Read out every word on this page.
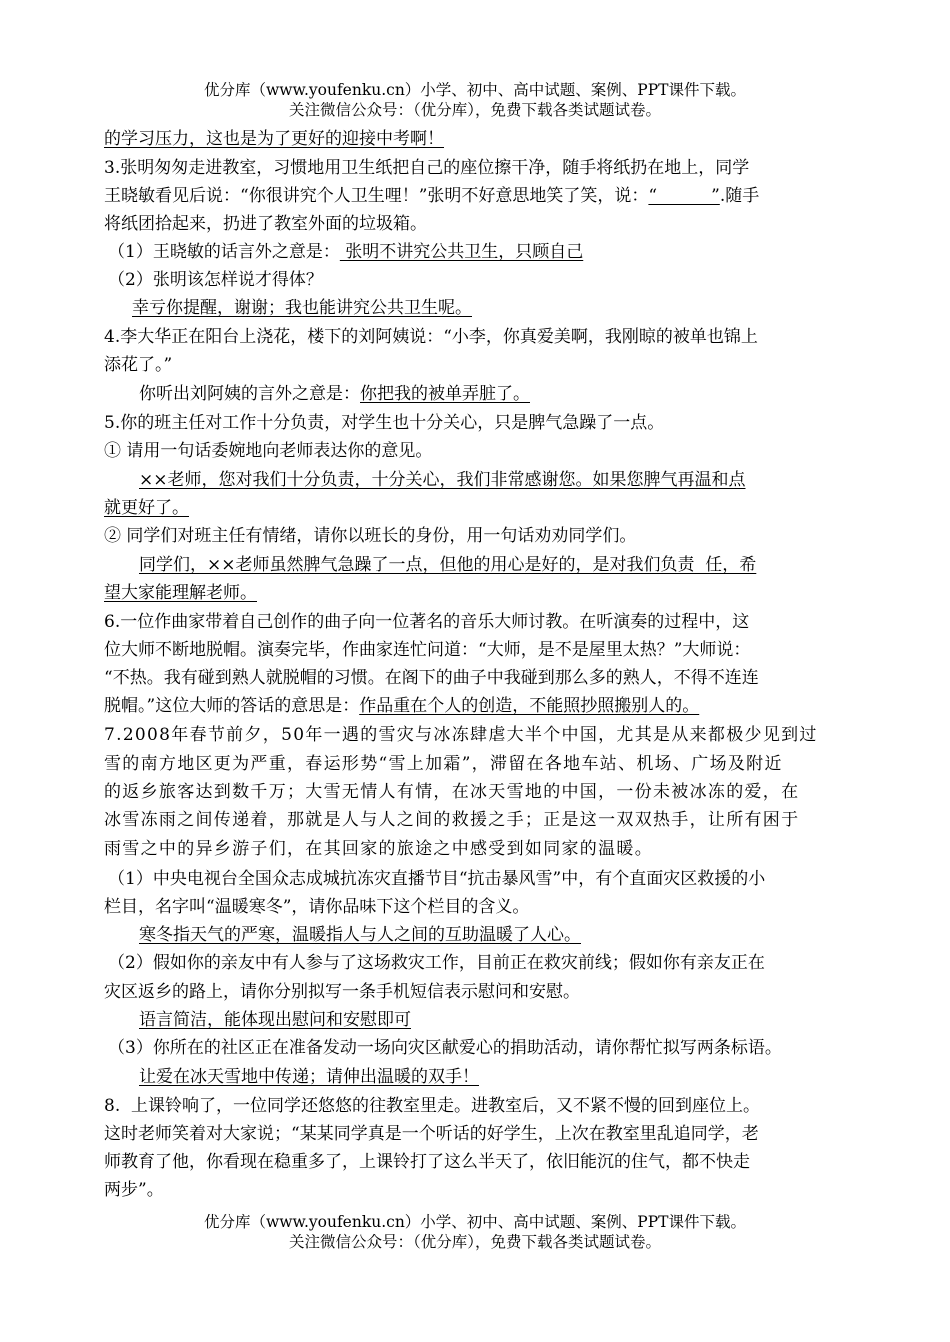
优分库（www.youfenku.cn）小学、初中、高中试题、案例、PPT课件下载。
关注微信公众号：（优分库），免费下载各类试题试卷。
的学习压力，这也是为了更好的迎接中考啊！
3.张明匆匆走进教室，习惯地用卫生纸把自己的座位擦干净，随手将纸扔在地上，同学
王晓敏看见后说：“你很讲究个人卫生哩！”张明不好意思地笑了笑，说：“          ”.随手
将纸团拾起来，扔进了教室外面的垃圾箱。
（1）王晓敏的话言外之意是： 张明不讲究公共卫生，只顾自己
（2）张明该怎样说才得体？
幸亏你提醒，谢谢；我也能讲究公共卫生呢。
4.李大华正在阳台上浇花，楼下的刘阿姨说：“小李，你真爱美啊，我刚晾的被单也锦上
添花了。”
你听出刘阿姨的言外之意是：你把我的被单弄脏了。
5.你的班主任对工作十分负责，对学生也十分关心，只是脾气急躁了一点。
① 请用一句话委婉地向老师表达你的意见。
××老师，您对我们十分负责，十分关心，我们非常感谢您。如果您脾气再温和点
就更好了。
② 同学们对班主任有情绪，请你以班长的身份，用一句话劝劝同学们。
同学们，××老师虽然脾气急躁了一点，但他的用心是好的，是对我们负责  任，希
望大家能理解老师。
6.一位作曲家带着自己创作的曲子向一位著名的音乐大师讨教。在听演奏的过程中，这
位大师不断地脱帽。演奏完毕，作曲家连忙问道：“大师，是不是屋里太热？”大师说：
“不热。我有碰到熟人就脱帽的习惯。在阁下的曲子中我碰到那么多的熟人，不得不连连
脱帽。”这位大师的答话的意思是：作品重在个人的创造，不能照抄照搬别人的。
7.2008年春节前夕，50年一遇的雪灾与冰冻肆虐大半个中国，尤其是从来都极少见到过
雪的南方地区更为严重，春运形势“雪上加霜”，滞留在各地车站、机场、广场及附近
的返乡旅客达到数千万；大雪无情人有情，在冰天雪地的中国，一份未被冰冻的爱，在
冰雪冻雨之间传递着，那就是人与人之间的救援之手；正是这一双双热手，让所有困于
雨雪之中的异乡游子们，在其回家的旅途之中感受到如同家的温暖。
（1）中央电视台全国众志成城抗冻灾直播节目“抗击暴风雪”中，有个直面灾区救援的小
栏目，名字叫“温暖寒冬”，请你品味下这个栏目的含义。
寒冬指天气的严寒，温暖指人与人之间的互助温暖了人心。
（2）假如你的亲友中有人参与了这场救灾工作，目前正在救灾前线；假如你有亲友正在
灾区返乡的路上，请你分别拟写一条手机短信表示慰问和安慰。
语言简洁，能体现出慰问和安慰即可
（3）你所在的社区正在准备发动一场向灾区献爱心的捐助活动，请你帮忙拟写两条标语。
让爱在冰天雪地中传递；请伸出温暖的双手！
8.  上课铃响了，一位同学还悠悠的往教室里走。进教室后，又不紧不慢的回到座位上。
这时老师笑着对大家说；“某某同学真是一个听话的好学生，上次在教室里乱追同学，老
师教育了他，你看现在稳重多了，上课铃打了这么半天了，依旧能沉的住气，都不快走
两步”。
优分库（www.youfenku.cn）小学、初中、高中试题、案例、PPT课件下载。
关注微信公众号：（优分库），免费下载各类试题试卷。
